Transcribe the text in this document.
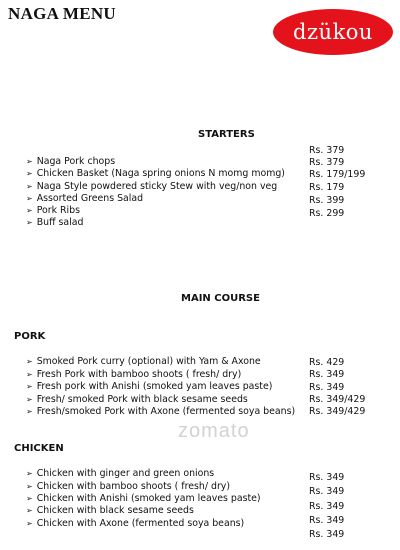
NAGA MENU
dzükou
STARTERS
Rs. 379
Rs. 379
Rs. 179/199
Rs. 179
Rs. 399
Rs. 299
➢ Naga Pork chops
➢ Chicken Basket (Naga spring onions N momg momg)
➢ Naga Style powdered sticky Stew with veg/non veg
➢ Assorted Greens Salad
➢ Pork Ribs
➢ Buff salad
MAIN COURSE
PORK
➢ Smoked Pork curry (optional) with Yam & Axone
➢ Fresh Pork with bamboo shoots ( fresh/ dry)
➢ Fresh pork with Anishi (smoked yam leaves paste)
➢ Fresh/ smoked Pork with black sesame seeds
➢ Fresh/smoked Pork with Axone (fermented soya beans)
Rs. 429
Rs. 349
Rs. 349
Rs. 349/429
Rs. 349/429
zomato
CHICKEN
➢ Chicken with ginger and green onions
➢ Chicken with bamboo shoots ( fresh/ dry)
➢ Chicken with Anishi (smoked yam leaves paste)
➢ Chicken with black sesame seeds
➢ Chicken with Axone (fermented soya beans)
Rs. 349
Rs. 349
Rs. 349
Rs. 349
Rs. 349
